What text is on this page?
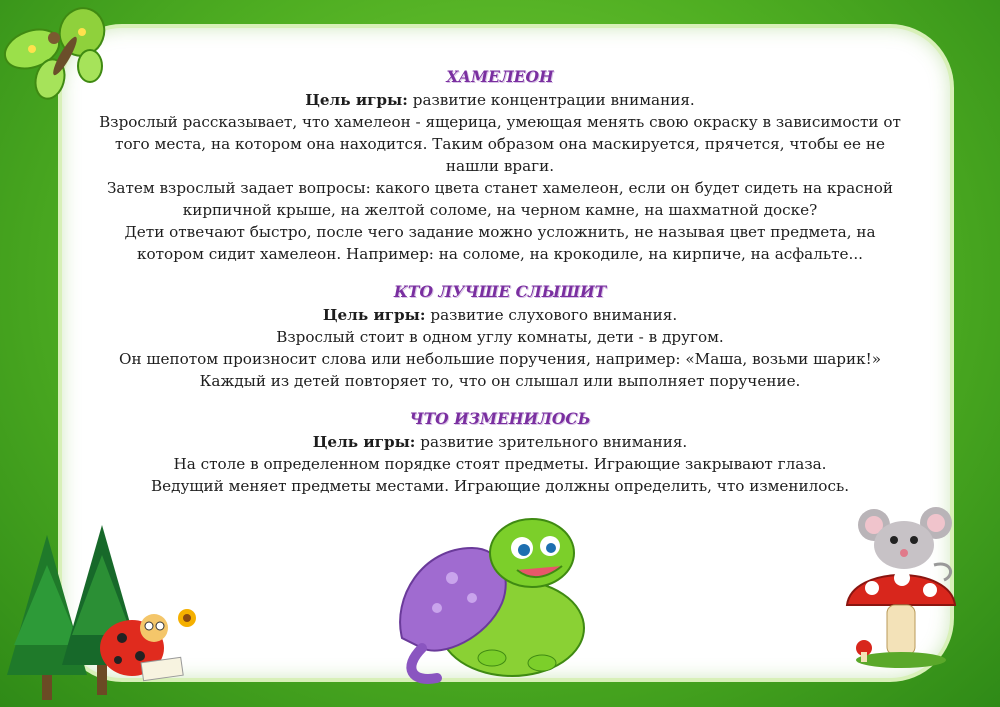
ХАМЕЛЕОН
Цель игры: развитие концентрации внимания.
Взрослый рассказывает, что хамелеон - ящерица, умеющая менять свою окраску в зависимости от
того места, на котором она находится. Таким образом она маскируется, прячется, чтобы ее не
нашли враги.
Затем взрослый задает вопросы: какого цвета станет хамелеон, если он будет сидеть на красной
кирпичной крыше, на желтой соломе, на черном камне, на шахматной доске?
Дети отвечают быстро, после чего задание можно усложнить, не называя цвет предмета, на
котором сидит хамелеон. Например: на соломе, на крокодиле, на кирпиче, на асфальте...
КТО ЛУЧШЕ СЛЫШИТ
Цель игры: развитие слухового внимания.
Взрослый стоит в одном углу комнаты, дети - в другом.
Он шепотом произносит слова или небольшие поручения, например: «Маша, возьми шарик!»
Каждый из детей повторяет то, что он слышал или выполняет поручение.
ЧТО ИЗМЕНИЛОСЬ
Цель игры: развитие зрительного внимания.
На столе в определенном порядке стоят предметы. Играющие закрывают глаза.
Ведущий меняет предметы местами. Играющие должны определить, что изменилось.
